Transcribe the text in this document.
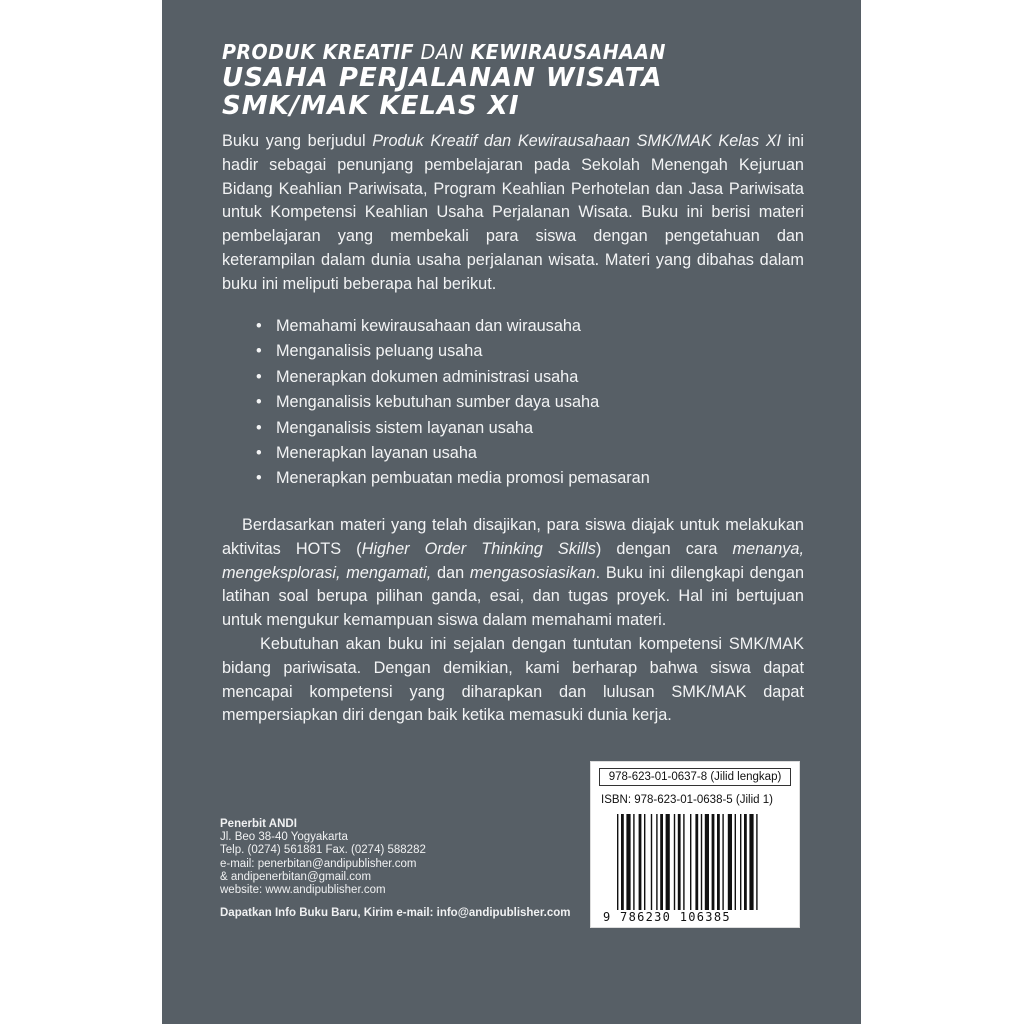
PRODUK KREATIF DAN KEWIRAUSAHAAN
USAHA PERJALANAN WISATA
SMK/MAK KELAS XI
Buku yang berjudul Produk Kreatif dan Kewirausahaan SMK/MAK Kelas XI ini hadir sebagai penunjang pembelajaran pada Sekolah Menengah Kejuruan Bidang Keahlian Pariwisata, Program Keahlian Perhotelan dan Jasa Pariwisata untuk Kompetensi Keahlian Usaha Perjalanan Wisata. Buku ini berisi materi pembelajaran yang membekali para siswa dengan pengetahuan dan keterampilan dalam dunia usaha perjalanan wisata. Materi yang dibahas dalam buku ini meliputi beberapa hal berikut.
• Memahami kewirausahaan dan wirausaha
• Menganalisis peluang usaha
• Menerapkan dokumen administrasi usaha
• Menganalisis kebutuhan sumber daya usaha
• Menganalisis sistem layanan usaha
• Menerapkan layanan usaha
• Menerapkan pembuatan media promosi pemasaran
Berdasarkan materi yang telah disajikan, para siswa diajak untuk melakukan aktivitas HOTS (Higher Order Thinking Skills) dengan cara menanya, mengeksplorasi, mengamati, dan mengasosiasikan. Buku ini dilengkapi dengan latihan soal berupa pilihan ganda, esai, dan tugas proyek. Hal ini bertujuan untuk mengukur kemampuan siswa dalam memahami materi.
Kebutuhan akan buku ini sejalan dengan tuntutan kompetensi SMK/MAK bidang pariwisata. Dengan demikian, kami berharap bahwa siswa dapat mencapai kompetensi yang diharapkan dan lulusan SMK/MAK dapat mempersiapkan diri dengan baik ketika memasuki dunia kerja.
Penerbit ANDI
Jl. Beo 38-40 Yogyakarta
Telp. (0274) 561881 Fax. (0274) 588282
e-mail: penerbitan@andipublisher.com
& andipenerbitan@gmail.com
website: www.andipublisher.com
Dapatkan Info Buku Baru, Kirim e-mail: info@andipublisher.com
978-623-01-0637-8 (Jilid lengkap)
ISBN: 978-623-01-0638-5 (Jilid 1)
9 786230 106385
